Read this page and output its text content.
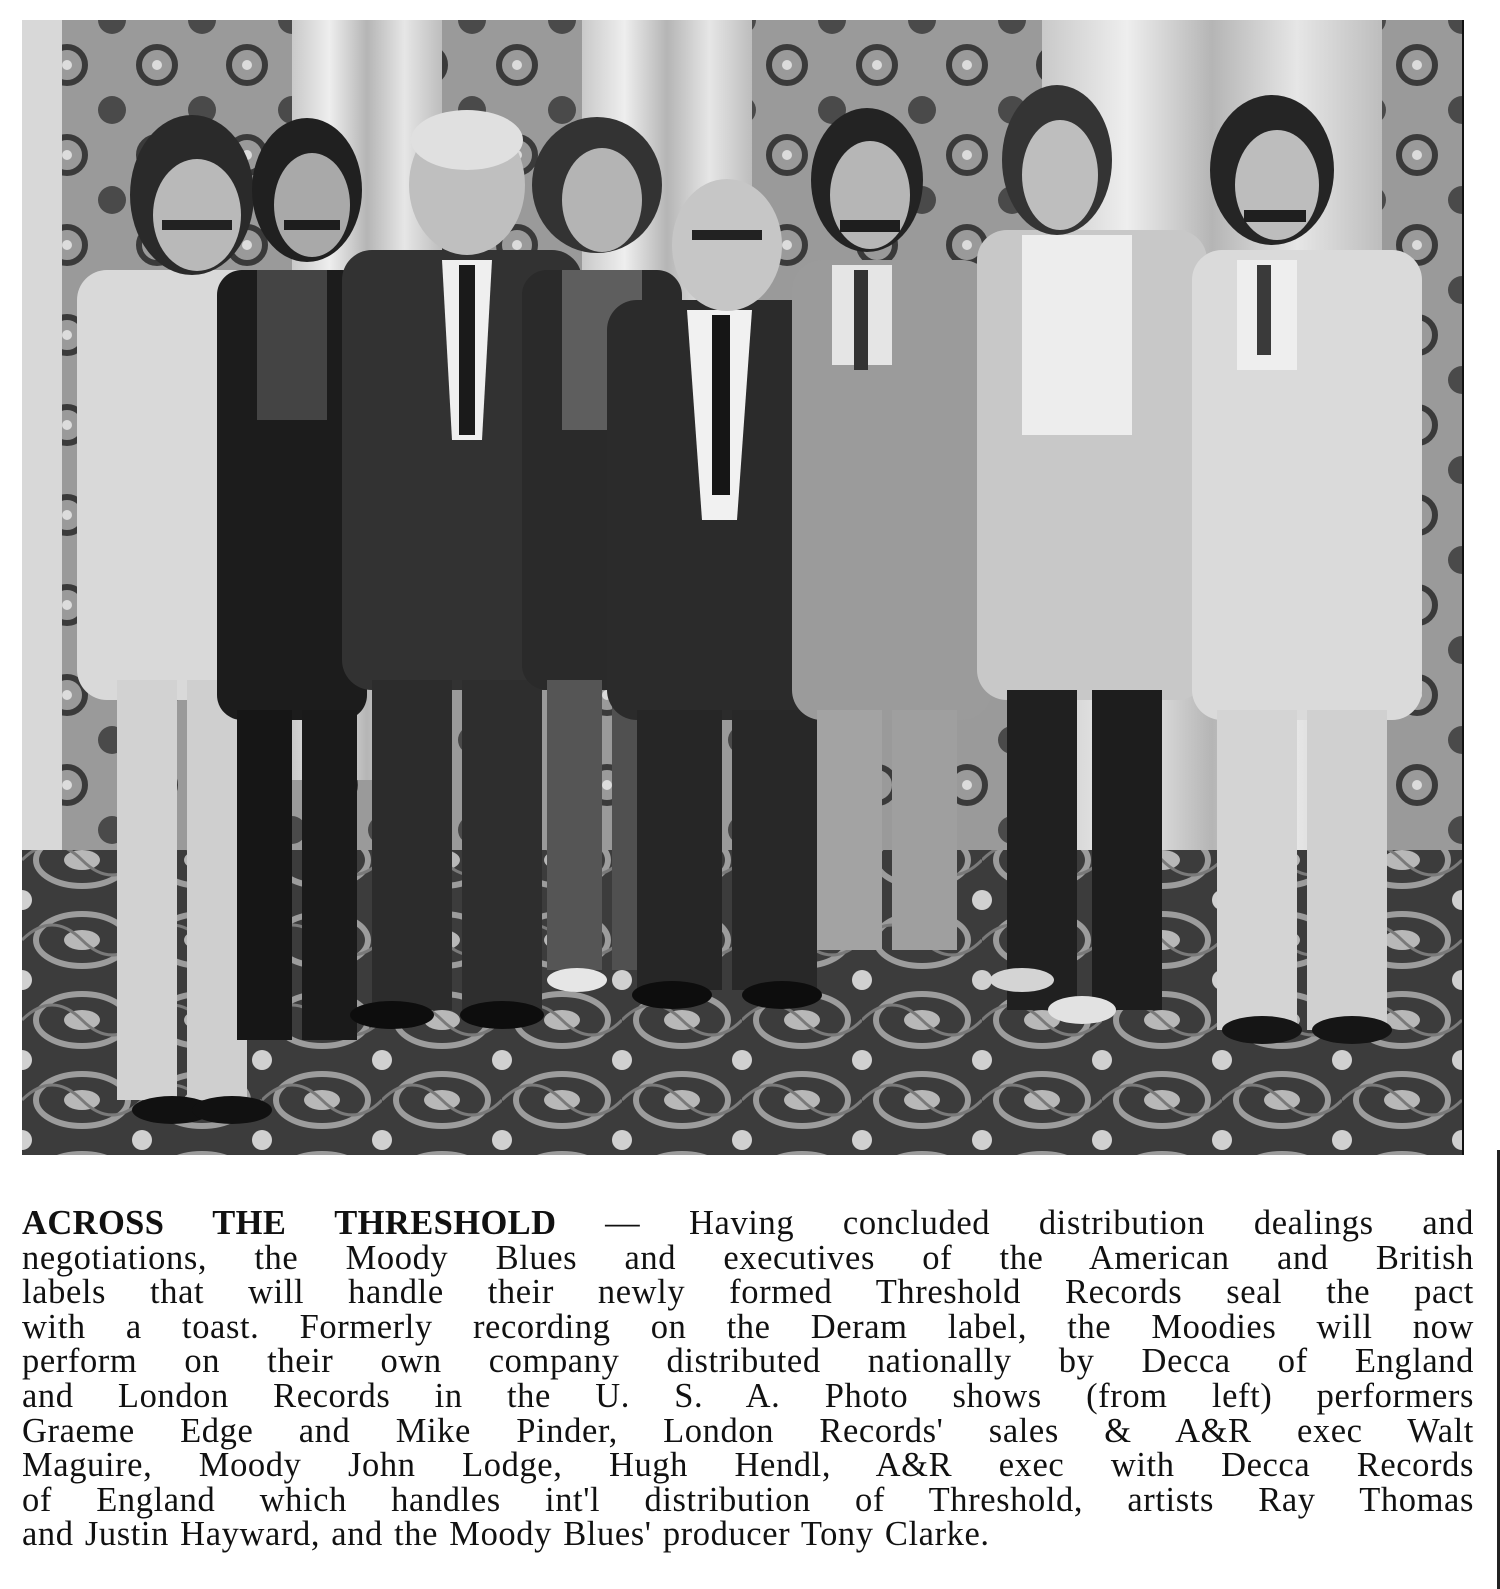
ACROSS THE THRESHOLD — Having concluded distribution dealings and
negotiations, the Moody Blues and executives of the American and British
labels that will handle their newly formed Threshold Records seal the pact
with a toast. Formerly recording on the Deram label, the Moodies will now
perform on their own company distributed nationally by Decca of England
and London Records in the U. S. A. Photo shows (from left) performers
Graeme Edge and Mike Pinder, London Records' sales & A&R exec Walt
Maguire, Moody John Lodge, Hugh Hendl, A&R exec with Decca Records
of England which handles int'l distribution of Threshold, artists Ray Thomas
and Justin Hayward, and the Moody Blues' producer Tony Clarke.
